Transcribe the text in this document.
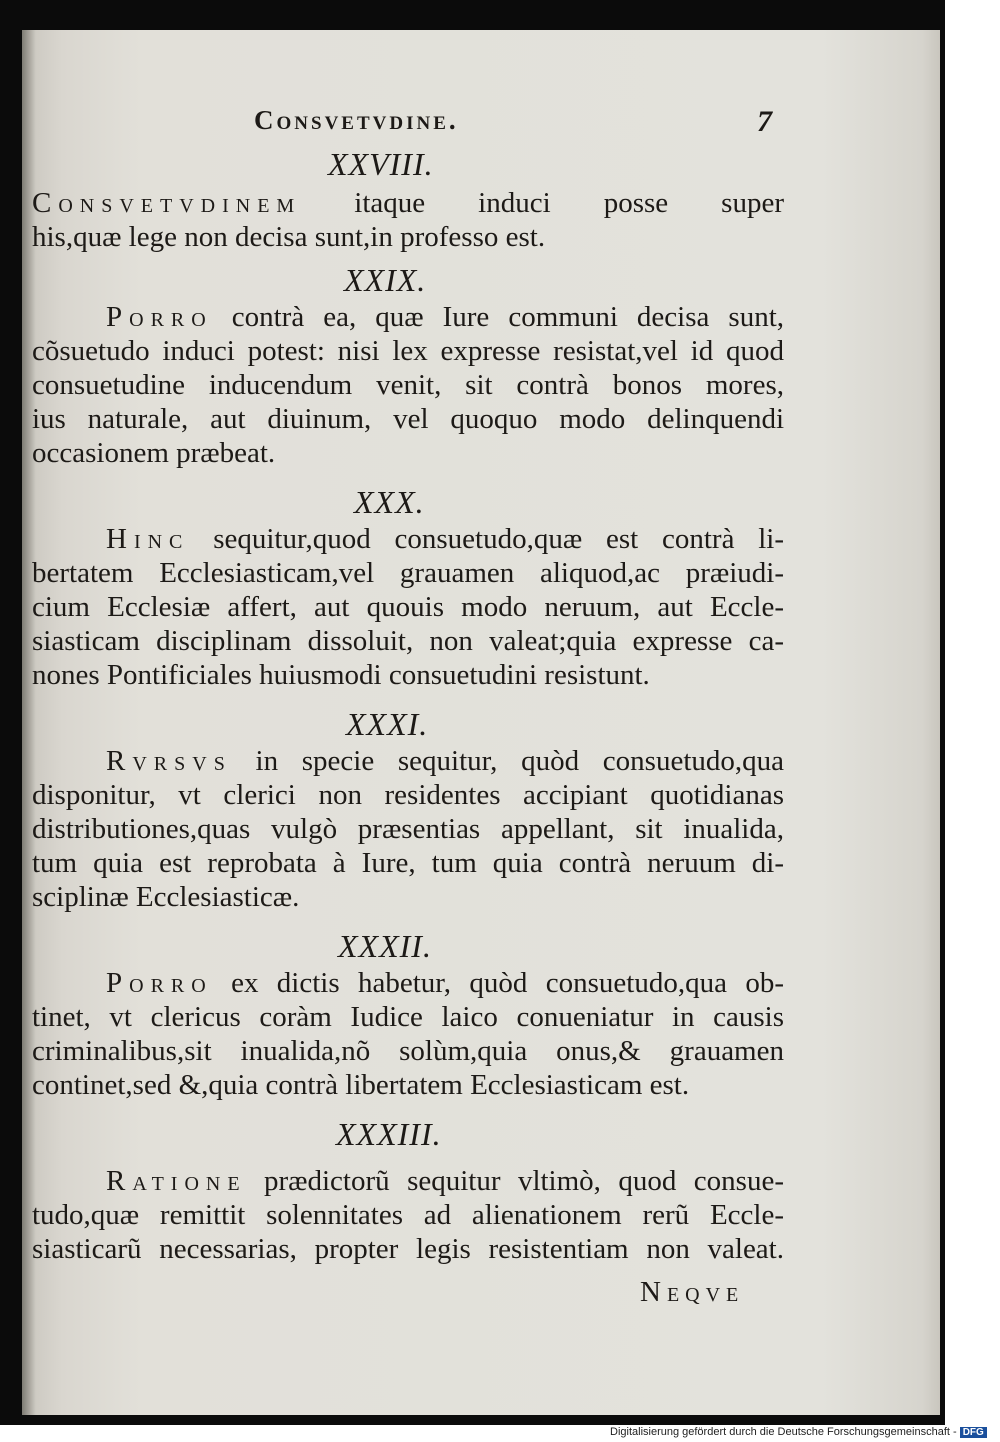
Consvetvdine.	7
XXVIII.
Consvetvdinem itaque induci posse super
his,quæ lege non decisa sunt,in professo est.
XXIX.
Porro contrà ea, quæ Iure communi decisa sunt,
cõsuetudo induci potest: nisi lex expresse resistat,vel id quod
consuetudine inducendum venit, sit contrà bonos mores,
ius naturale, aut diuinum, vel quoquo modo delinquendi
occasionem præbeat.
XXX.
Hinc sequitur,quod consuetudo,quæ est contrà li-
bertatem Ecclesiasticam,vel grauamen aliquod,ac præiudi-
cium Ecclesiæ affert, aut quouis modo neruum, aut Eccle-
siasticam disciplinam dissoluit, non valeat;quia expresse ca-
nones Pontificiales huiusmodi consuetudini resistunt.
XXXI.
Rvrsvs in specie sequitur, quòd consuetudo,qua
disponitur, vt clerici non residentes accipiant quotidianas
distributiones,quas vulgò præsentias appellant, sit inualida,
tum quia est reprobata à Iure, tum quia contrà neruum di-
sciplinæ Ecclesiasticæ.
XXXII.
Porro ex dictis habetur, quòd consuetudo,qua ob-
tinet, vt clericus coràm Iudice laico conueniatur in causis
criminalibus,sit inualida,nõ solùm,quia onus,& grauamen
continet,sed &,quia contrà libertatem Ecclesiasticam est.
XXXIII.
Ratione prædictorũ sequitur vltimò, quod consue-
tudo,quæ remittit solennitates ad alienationem rerũ Eccle-
siasticarũ necessarias, propter legis resistentiam non valeat.
Neqve
Digitalisierung gefördert durch die Deutsche Forschungsgemeinschaft - DFG
